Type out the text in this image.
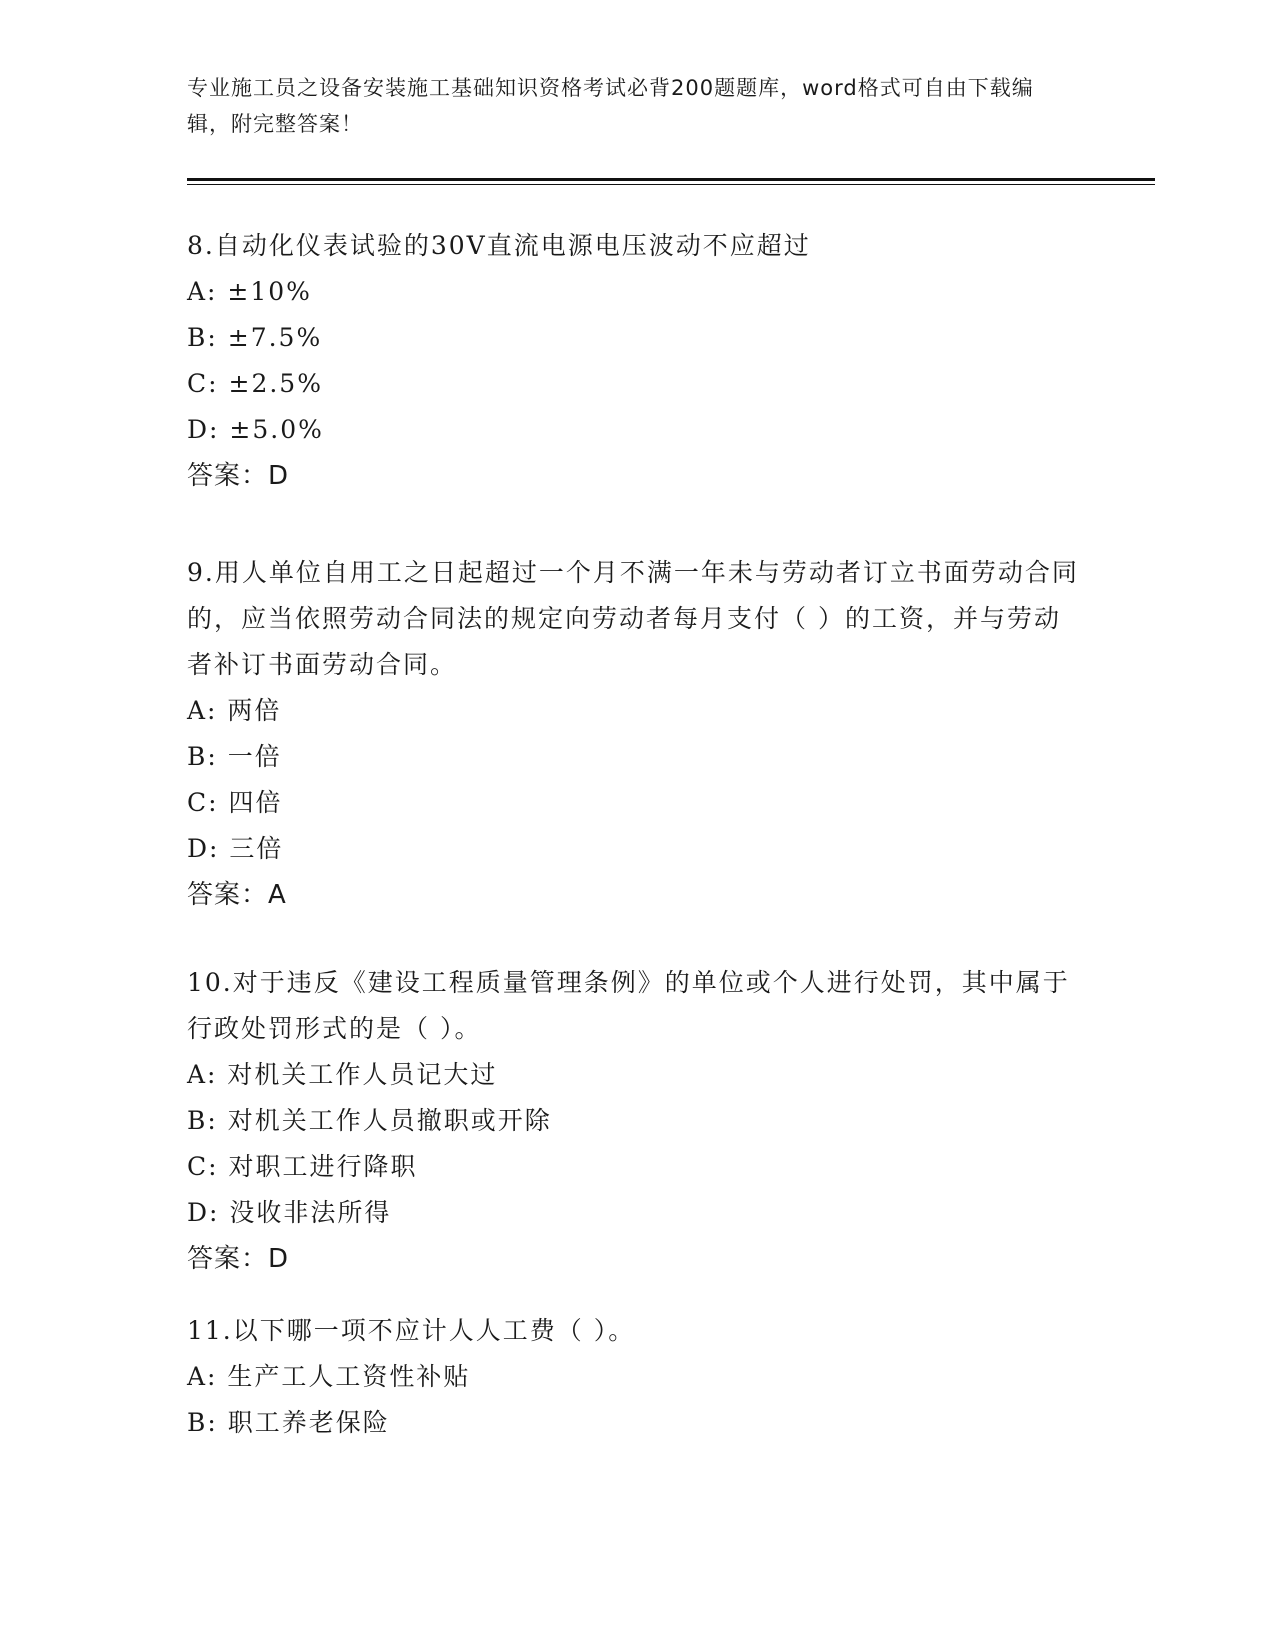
专业施工员之设备安装施工基础知识资格考试必背200题题库，word格式可自由下载编辑，附完整答案！
8.自动化仪表试验的30V直流电源电压波动不应超过
A: ±10%
B: ±7.5%
C: ±2.5%
D: ±5.0%
答案：D
9.用人单位自用工之日起超过一个月不满一年未与劳动者订立书面劳动合同的，应当依照劳动合同法的规定向劳动者每月支付（ ）的工资，并与劳动者补订书面劳动合同。
A: 两倍
B: 一倍
C: 四倍
D: 三倍
答案：A
10.对于违反《建设工程质量管理条例》的单位或个人进行处罚，其中属于行政处罚形式的是（ ）。
A: 对机关工作人员记大过
B: 对机关工作人员撤职或开除
C: 对职工进行降职
D: 没收非法所得
答案：D
11.以下哪一项不应计人人工费（ ）。
A: 生产工人工资性补贴
B: 职工养老保险
